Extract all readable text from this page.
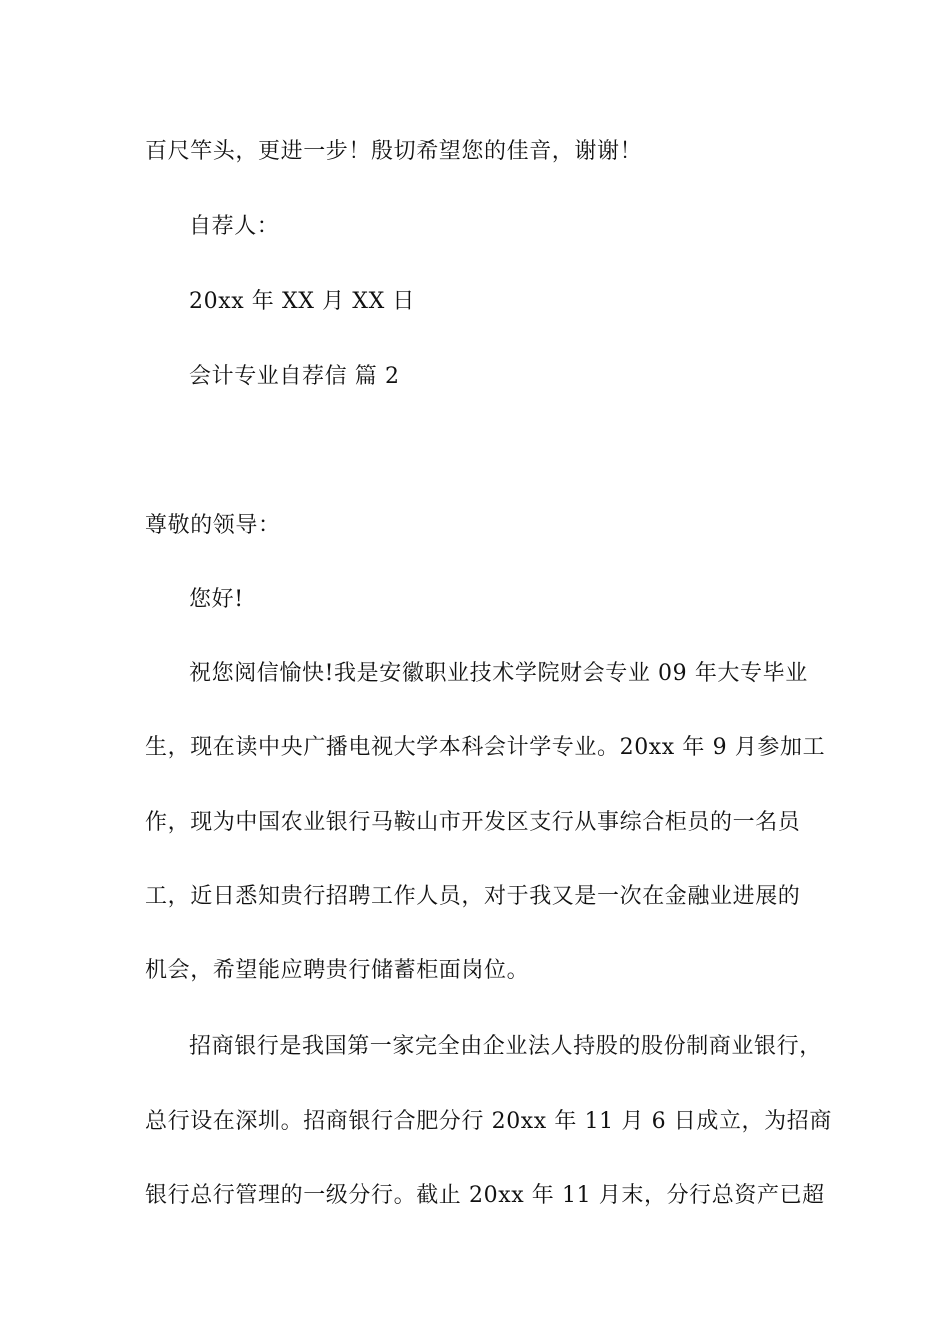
百尺竿头，更进一步！殷切希望您的佳音，谢谢！
自荐人：
20xx 年 XX 月 XX 日
会计专业自荐信 篇 2
尊敬的领导：
您好!
祝您阅信愉快!我是安徽职业技术学院财会专业 09 年大专毕业
生，现在读中央广播电视大学本科会计学专业。20xx 年 9 月参加工
作，现为中国农业银行马鞍山市开发区支行从事综合柜员的一名员
工，近日悉知贵行招聘工作人员，对于我又是一次在金融业进展的
机会，希望能应聘贵行储蓄柜面岗位。
招商银行是我国第一家完全由企业法人持股的股份制商业银行，
总行设在深圳。招商银行合肥分行 20xx 年 11 月 6 日成立，为招商
银行总行管理的一级分行。截止 20xx 年 11 月末，分行总资产已超
